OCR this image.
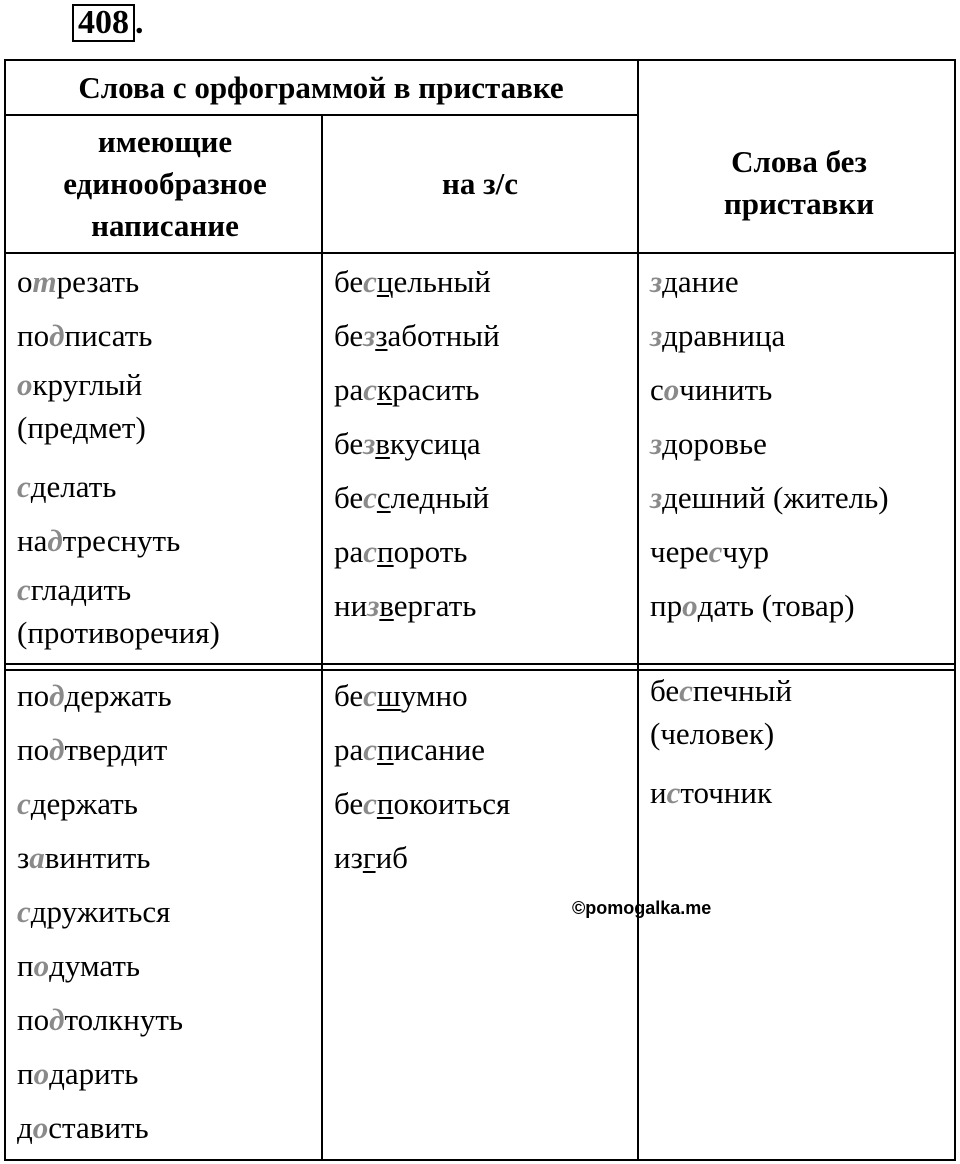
408 .
Слова с орфограммой в приставке
имеющие единообразное написание
на з/с
Слова без приставки
отрезать
подписать
округлый
(предмет)
сделать
надтреснуть
сгладить
(противоречия)
бесцельный
беззаботный
раскрасить
безвкусица
бесследный
распороть
низвергать
здание
здравница
сочинить
здоровье
здешний (житель)
чересчур
продать (товар)
поддержать
подтвердит
сдержать
завинтить
сдружиться
подумать
подтолкнуть
подарить
доставить
бесшумно
расписание
беспокоиться
изгиб
беспечный
(человек)
источник
©pomogalka.me
